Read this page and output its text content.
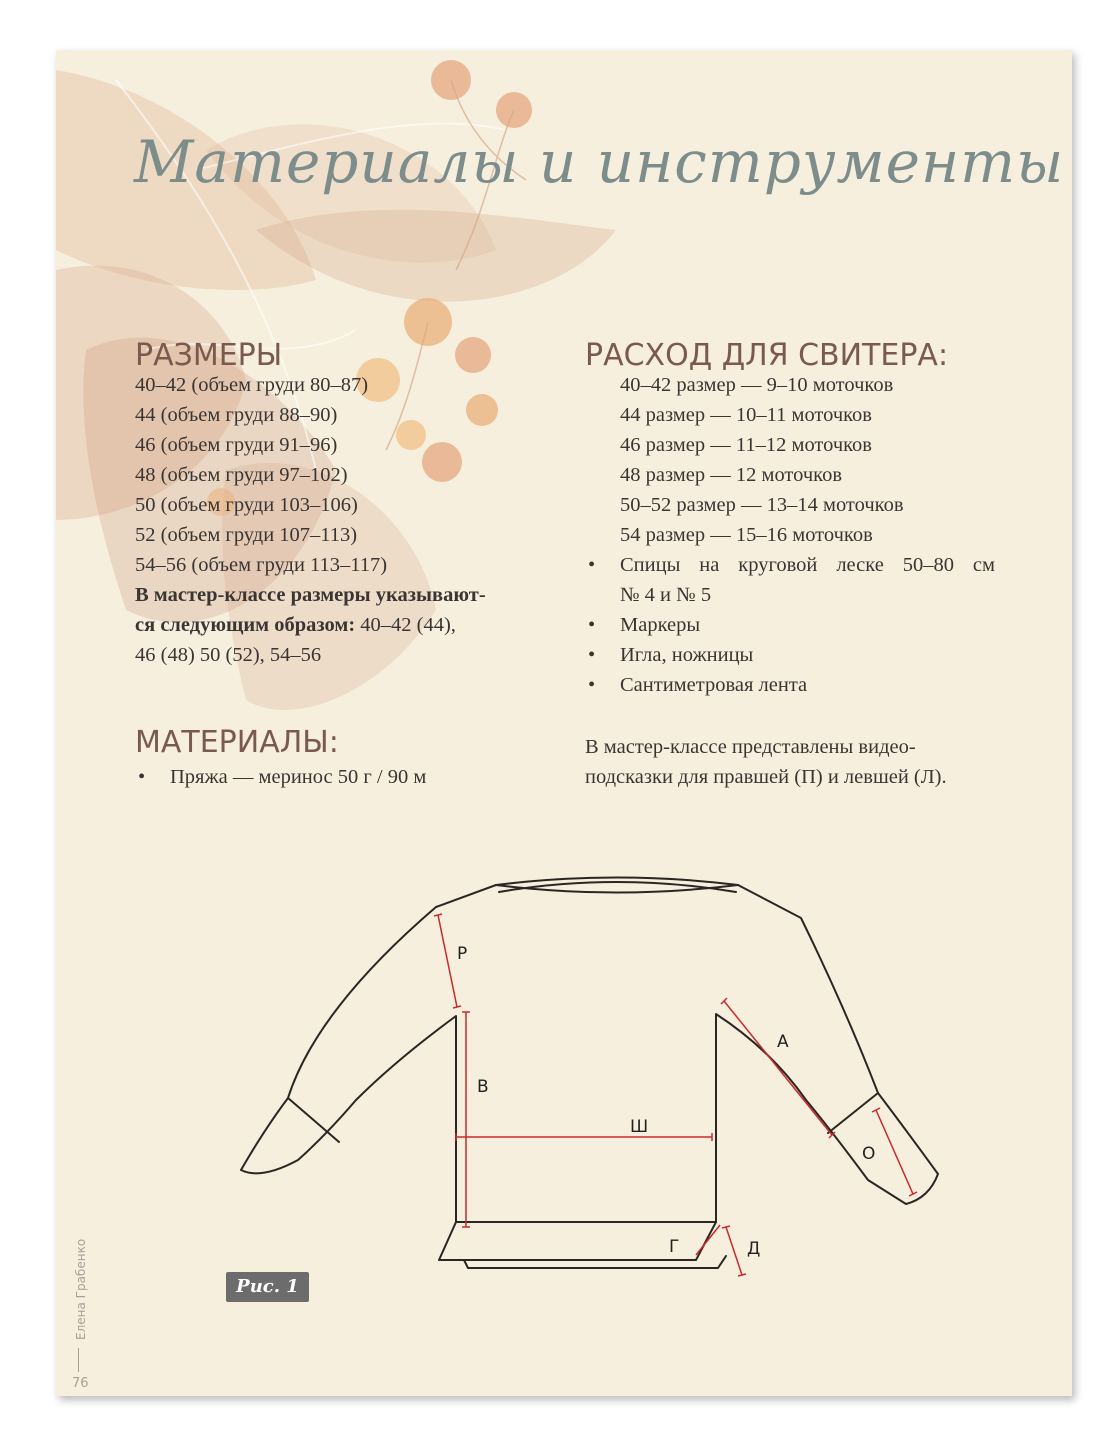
Материалы и инструменты
РАЗМЕРЫ
40–42 (объем груди 80–87)
44 (объем груди 88–90)
46 (объем груди 91–96)
48 (объем груди 97–102)
50 (объем груди 103–106)
52 (объем груди 107–113)
54–56 (объем груди 113–117)
В мастер-классе размеры указывают-
ся следующим образом: 40–42 (44),
46 (48) 50 (52), 54–56
МАТЕРИАЛЫ:
• Пряжа — меринос 50 г / 90 м
РАСХОД ДЛЯ СВИТЕРА:
40–42 размер — 9–10 моточков
44 размер — 10–11 моточков
46 размер — 11–12 моточков
48 размер — 12 моточков
50–52 размер — 13–14 моточков
54 размер — 15–16 моточков
• Спицы на круговой леске 50–80 см
№ 4 и № 5
• Маркеры
• Игла, ножницы
• Сантиметровая лента
В мастер-классе представлены видео-
подсказки для правшей (П) и левшей (Л).
Р
В
Ш
А
О
Г	Д
Рис. 1
Елена Грабенко
76
